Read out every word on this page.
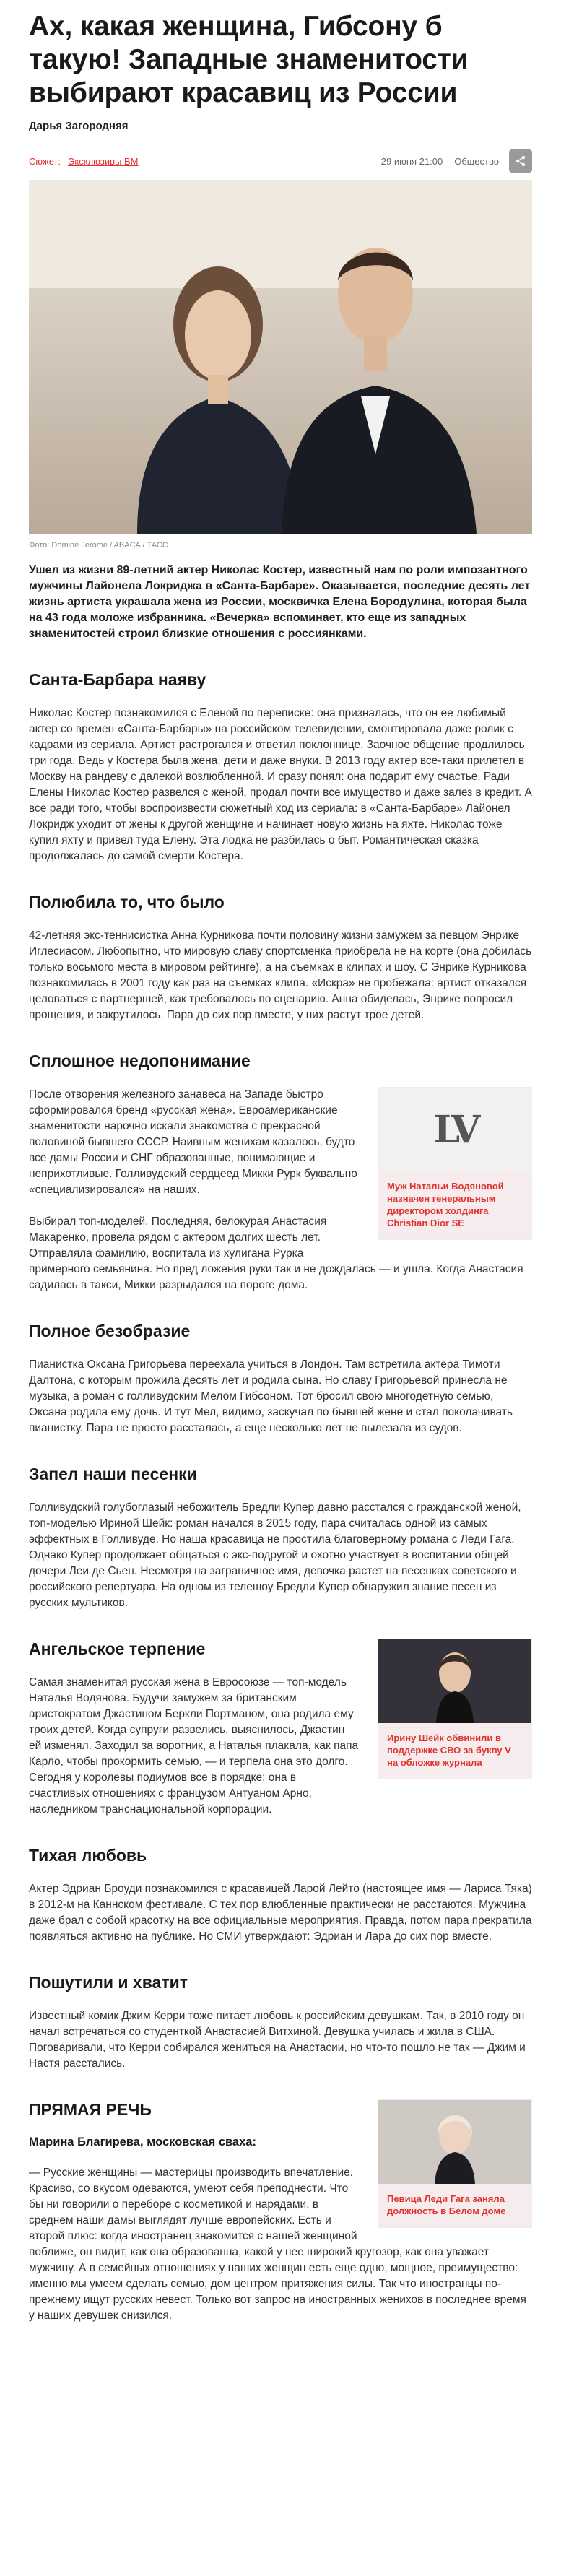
Ах, какая женщина, Гибсону б такую! Западные знаменитости выбирают красавиц из России
Дарья Загородняя
Сюжет: Эксклюзивы ВМ	29 июня 21:00 Общество
Фото: Domine Jerome / ABACA / ТАСС

Ушел из жизни 89-летний актер Николас Костер, известный нам по роли импозантного мужчины Лайонела Локриджа в «Санта-Барбаре». Оказывается, последние десять лет жизнь артиста украшала жена из России, москвичка Елена Бородулина, которая была на 43 года моложе избранника. «Вечерка» вспоминает, кто еще из западных знаменитостей строил близкие отношения с россиянками.

Санта-Барбара наяву

Николас Костер познакомился с Еленой по переписке: она призналась, что он ее любимый актер со времен «Санта-Барбары» на российском телевидении, смонтировала даже ролик с кадрами из сериала. Артист растрогался и ответил поклоннице. Заочное общение продлилось три года. Ведь у Костера была жена, дети и даже внуки. В 2013 году актер все-таки прилетел в Москву на рандеву с далекой возлюбленной. И сразу понял: она подарит ему счастье. Ради Елены Николас Костер развелся с женой, продал почти все имущество и даже залез в кредит. А все ради того, чтобы воспроизвести сюжетный ход из сериала: в «Санта-Барбаре» Лайонел Локридж уходит от жены к другой женщине и начинает новую жизнь на яхте. Николас тоже купил яхту и привел туда Елену. Эта лодка не разбилась о быт. Романтическая сказка продолжалась до самой смерти Костера.

Полюбила то, что было

42-летняя экс-теннисистка Анна Курникова почти половину жизни замужем за певцом Энрике Иглесиасом. Любопытно, что мировую славу спортсменка приобрела не на корте (она добилась только восьмого места в мировом рейтинге), а на съемках в клипах и шоу. С Энрике Курникова познакомилась в 2001 году как раз на съемках клипа. «Искра» не пробежала: артист отказался целоваться с партнершей, как требовалось по сценарию. Анна обиделась, Энрике попросил прощения, и закрутилось. Пара до сих пор вместе, у них растут трое детей.

Сплошное недопонимание
LV
Муж Натальи Водяновой назначен генеральным директором холдинга Christian Dior SE

После отворения железного занавеса на Западе быстро сформировался бренд «русская жена». Евроамериканские знаменитости нарочно искали знакомства с прекрасной половиной бывшего СССР. Наивным женихам казалось, будто все дамы России и СНГ образованные, понимающие и неприхотливые. Голливудский сердцеед Микки Рурк буквально «специализировался» на наших.

Выбирал топ-моделей. Последняя, белокурая Анастасия Макаренко, провела рядом с актером долгих шесть лет. Отправляла фамилию, воспитала из хулигана Рурка примерного семьянина. Но пред ложения руки так и не дождалась — и ушла. Когда Анастасия садилась в такси, Микки разрыдался на пороге дома.

Полное безобразие

Пианистка Оксана Григорьева переехала учиться в Лондон. Там встретила актера Тимоти Далтона, с которым прожила десять лет и родила сына. Но славу Григорьевой принесла не музыка, а роман с голливудским Мелом Гибсоном. Тот бросил свою многодетную семью, Оксана родила ему дочь. И тут Мел, видимо, заскучал по бывшей жене и стал поколачивать пианистку. Пара не просто рассталась, а еще несколько лет не вылезала из судов.

Запел наши песенки

Голливудский голубоглазый небожитель Бредли Купер давно рассталcя с гражданской женой, топ-моделью Ириной Шейк: роман начался в 2015 году, пара считалась одной из самых эффектных в Голливуде. Но наша красавица не простила благоверному романа с Леди Гага. Однако Купер продолжает общаться с экс-подругой и охотно участвует в воспитании общей дочери Леи де Сьен. Несмотря на заграничное имя, девочка растет на песенках советского и российского репертуара. На одном из телешоу Бредли Купер обнаружил знание песен из русских мультиков.

Ирину Шейк обвинили в поддержке СВО за букву V на обложке журнала
Ангельское терпение

Самая знаменитая русская жена в Евросоюзе — топ-модель Наталья Водянова. Будучи замужем за британским аристократом Джастином Беркли Портманом, она родила ему троих детей. Когда супруги развелись, выяснилось, Джастин ей изменял. Заходил за воротник, а Наталья плакала, как папа Карло, чтобы прокормить семью, — и терпела она это долго. Сегодня у королевы подиумов все в порядке: она в счастливых отношениях с французом Антуаном Арно, наследником транснациональной корпорации.

Тихая любовь

Актер Эдриан Броуди познакомился с красавицей Ларой Лейто (настоящее имя — Лариса Тяка) в 2012-м на Каннском фестивале. С тех пор влюбленные практически не расстаются. Мужчина даже брал с собой красотку на все официальные мероприятия. Правда, потом пара прекратила появляться активно на публике. Но СМИ утверждают: Эдриан и Лара до сих пор вместе.

Пошутили и хватит

Известный комик Джим Керри тоже питает любовь к российским девушкам. Так, в 2010 году он начал встречаться со студенткой Анастасией Витхиной. Девушка училась и жила в США. Поговаривали, что Керри собирался жениться на Анастасии, но что-то пошло не так — Джим и Настя расстались.

Певица Леди Гага заняла должность в Белом доме
ПРЯМАЯ РЕЧЬ
Марина Благирева, московская сваха:

— Русские женщины — мастерицы производить впечатление. Красиво, со вкусом одеваются, умеют себя преподнести. Что бы ни говорили о переборе с косметикой и нарядами, в среднем наши дамы выглядят лучше европейских. Есть и второй плюс: когда иностранец знакомится с нашей женщиной поближе, он видит, как она образованна, какой у нее широкий кругозор, как она уважает мужчину. А в семейных отношениях у наших женщин есть еще одно, мощное, преимущество: именно мы умеем сделать семью, дом центром притяжения силы. Так что иностранцы по-прежнему ищут русских невест. Только вот запрос на иностранных женихов в последнее время у наших девушек снизился.
